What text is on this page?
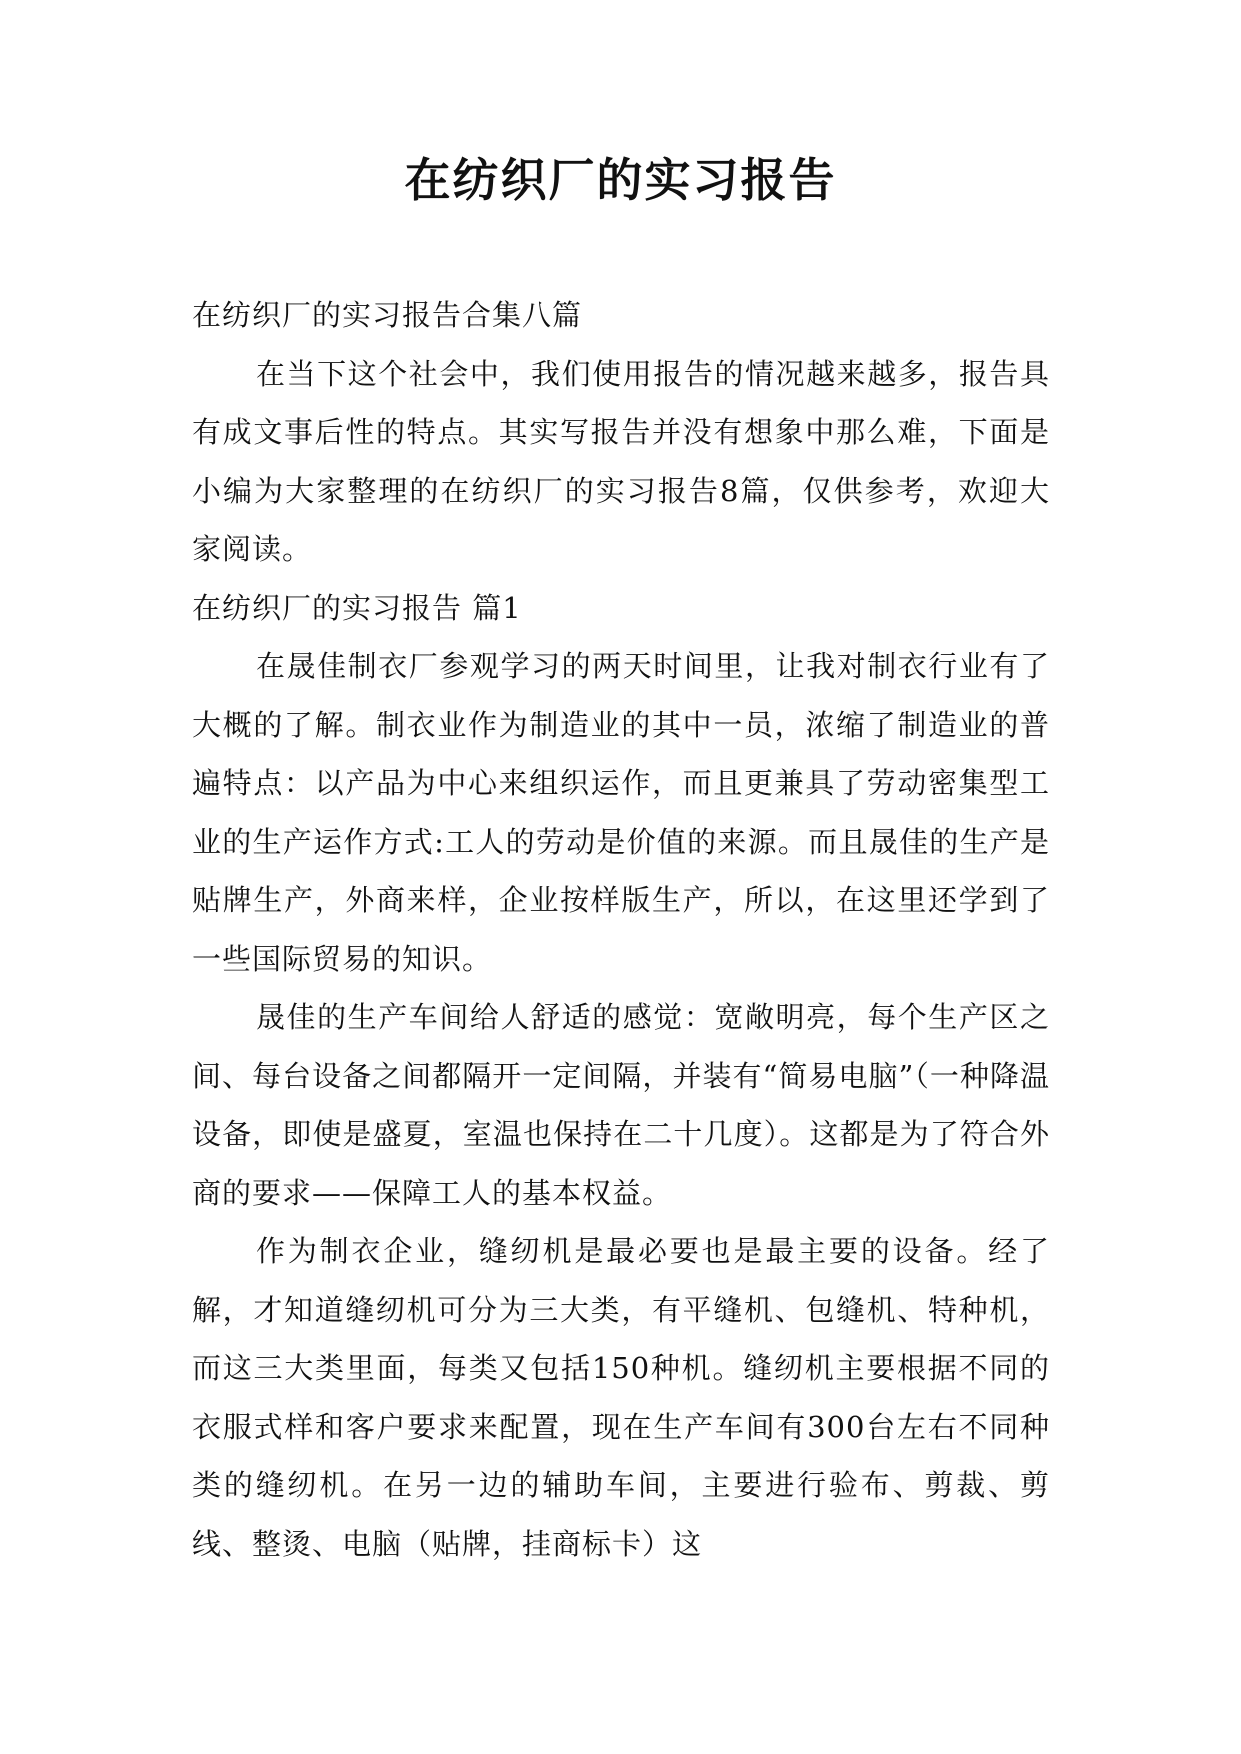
在纺织厂的实习报告

在纺织厂的实习报告合集八篇

在当下这个社会中，我们使用报告的情况越来越多，报告具有成文事后性的特点。其实写报告并没有想象中那么难，下面是小编为大家整理的在纺织厂的实习报告8篇，仅供参考，欢迎大家阅读。

在纺织厂的实习报告 篇1

在晟佳制衣厂参观学习的两天时间里，让我对制衣行业有了大概的了解。制衣业作为制造业的其中一员，浓缩了制造业的普遍特点：以产品为中心来组织运作，而且更兼具了劳动密集型工业的生产运作方式:工人的劳动是价值的来源。而且晟佳的生产是贴牌生产，外商来样，企业按样版生产，所以，在这里还学到了一些国际贸易的知识。

晟佳的生产车间给人舒适的感觉：宽敞明亮，每个生产区之间、每台设备之间都隔开一定间隔，并装有“简易电脑”（一种降温设备，即使是盛夏，室温也保持在二十几度）。这都是为了符合外商的要求——保障工人的基本权益。

作为制衣企业，缝纫机是最必要也是最主要的设备。经了解，才知道缝纫机可分为三大类，有平缝机、包缝机、特种机，而这三大类里面，每类又包括150种机。缝纫机主要根据不同的衣服式样和客户要求来配置，现在生产车间有300台左右不同种类的缝纫机。在另一边的辅助车间，主要进行验布、剪裁、剪线、整烫、电脑（贴牌，挂商标卡）这
